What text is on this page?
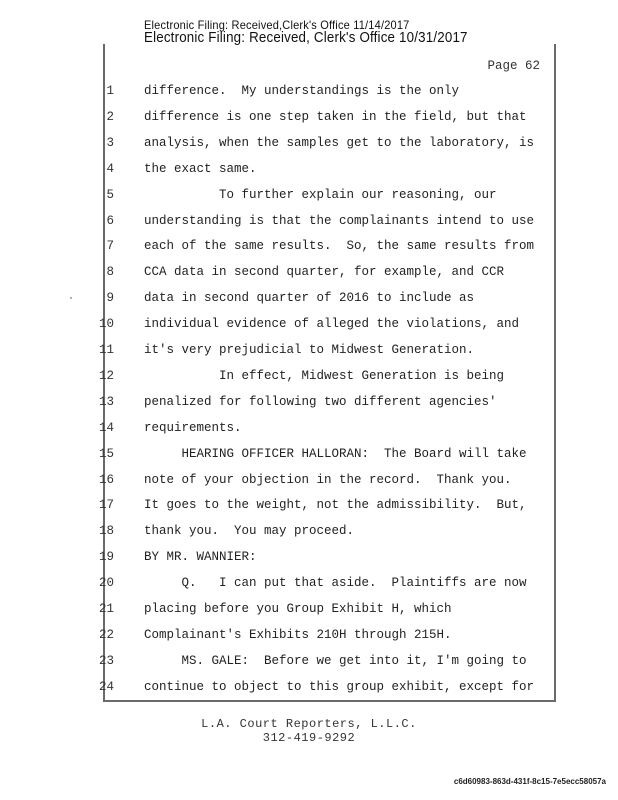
Electronic Filing: Received,Clerk's Office 11/14/2017
Electronic Filing: Received, Clerk's Office 10/31/2017
Page 62
1 difference.  My understandings is the only
2 difference is one step taken in the field, but that
3 analysis, when the samples get to the laboratory, is
4 the exact same.
5 To further explain our reasoning, our
6 understanding is that the complainants intend to use
7 each of the same results.  So, the same results from
8 CCA data in second quarter, for example, and CCR
9 data in second quarter of 2016 to include as
10 individual evidence of alleged the violations, and
11 it's very prejudicial to Midwest Generation.
12 In effect, Midwest Generation is being
13 penalized for following two different agencies'
14 requirements.
15 HEARING OFFICER HALLORAN:  The Board will take
16 note of your objection in the record.  Thank you.
17 It goes to the weight, not the admissibility.  But,
18 thank you.  You may proceed.
19 BY MR. WANNIER:
20 Q.   I can put that aside.  Plaintiffs are now
21 placing before you Group Exhibit H, which
22 Complainant's Exhibits 210H through 215H.
23 MS. GALE:  Before we get into it, I'm going to
24 continue to object to this group exhibit, except for
L.A. Court Reporters, L.L.C.
312-419-9292
c6d60983-863d-431f-8c15-7e5ecc58057a
